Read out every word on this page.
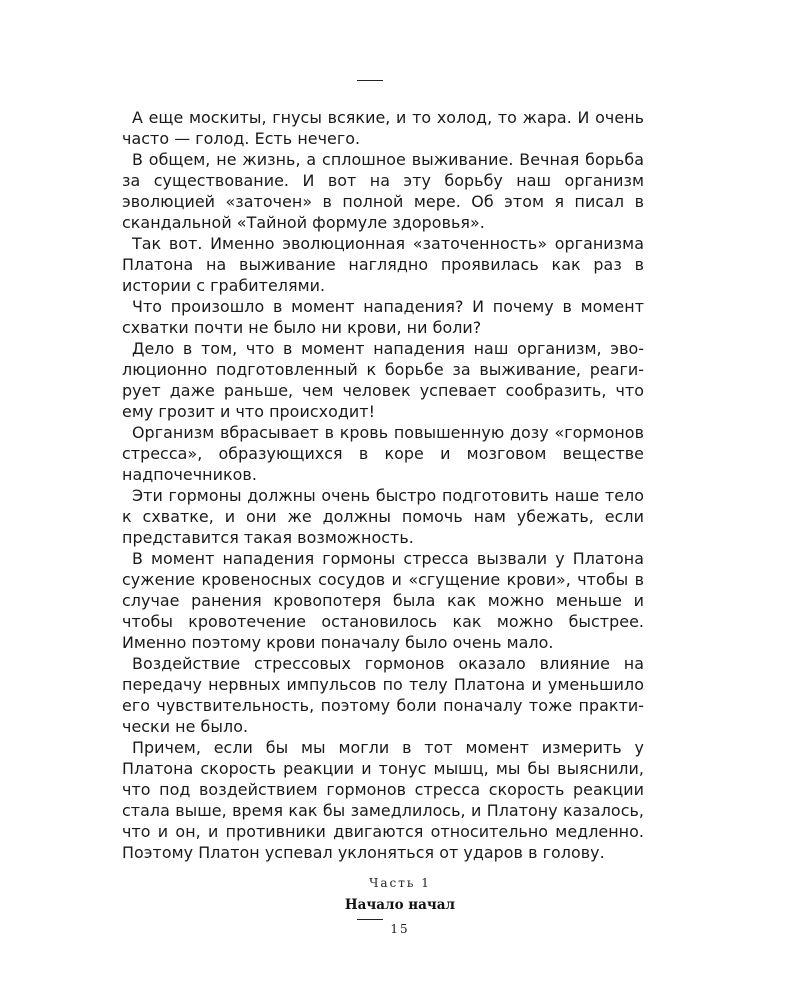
А еще москиты, гнусы всякие, и то холод, то жара. И очень часто — голод. Есть нечего.

В общем, не жизнь, а сплошное выживание. Вечная борьба за существование. И вот на эту борьбу наш организм эволюцией «заточен» в полной мере. Об этом я писал в скандальной «Тайной формуле здоровья».

Так вот. Именно эволюционная «заточенность» организма Платона на выживание наглядно проявилась как раз в истории с грабителями.

Что произошло в момент нападения? И почему в момент схватки почти не было ни крови, ни боли?

Дело в том, что в момент нападения наш организм, эволюционно подготовленный к борьбе за выживание, реагирует даже раньше, чем человек успевает сообразить, что ему грозит и что происходит!

Организм вбрасывает в кровь повышенную дозу «гормонов стресса», образующихся в коре и мозговом веществе надпочечников.

Эти гормоны должны очень быстро подготовить наше тело к схватке, и они же должны помочь нам убежать, если представится такая возможность.

В момент нападения гормоны стресса вызвали у Платона сужение кровеносных сосудов и «сгущение крови», чтобы в случае ранения кровопотеря была как можно меньше и чтобы кровотечение остановилось как можно быстрее. Именно поэтому крови поначалу было очень мало.

Воздействие стрессовых гормонов оказало влияние на передачу нервных импульсов по телу Платона и уменьшило его чувствительность, поэтому боли поначалу тоже практически не было.

Причем, если бы мы могли в тот момент измерить у Платона скорость реакции и тонус мышц, мы бы выяснили, что под воздействием гормонов стресса скорость реакции стала выше, время как бы замедлилось, и Платону казалось, что и он, и противники двигаются относительно медленно. Поэтому Платон успевал уклоняться от ударов в голову.

Часть 1
Начало начал
15
